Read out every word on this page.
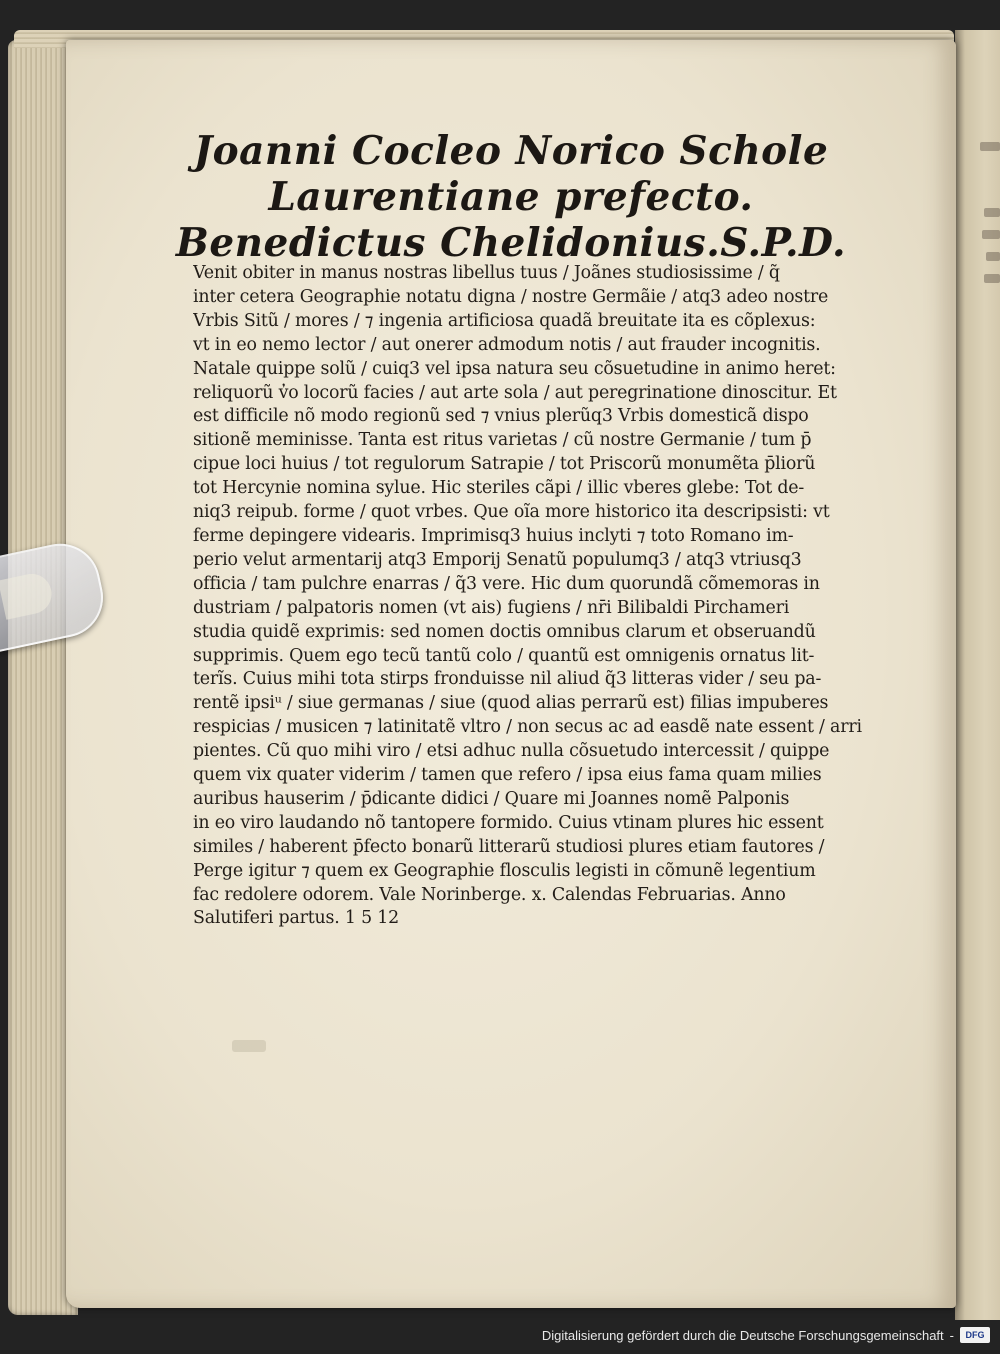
Joanni Cocleo Norico Schole
Laurentiane prefecto.
Benedictus Chelidonius.S.P.D.
Venit obiter in manus nostras libellus tuus / Joãnes studiosissime / q̃
inter cetera Geographie notatu digna / nostre Germãie / atq3 adeo nostre
Vrbis Sitũ / mores / ⁊ ingenia artificiosa quadã breuitate ita es cõplexus:
vt in eo nemo lector / aut onerer admodum notis / aut frauder incognitis.
Natale quippe solũ / cuiq3 vel ipsa natura seu cõsuetudine in animo heret:
reliquorũ v̓o locorũ facies / aut arte sola / aut peregrinatione dinoscitur. Et
est difficile nõ modo regionũ sed ⁊ vnius plerũq3 Vrbis domesticã dispo
sitionẽ meminisse. Tanta est ritus varietas / cũ nostre Germanie / tum p̄
cipue loci huius / tot regulorum Satrapie / tot Priscorũ monumẽta p̄liorũ
tot Hercynie nomina sylue. Hic steriles cãpi / illic vberes glebe: Tot de-
niq3 reipub. forme / quot vrbes. Que oĩa more historico ita descripsisti: vt
ferme depingere videaris. Imprimisq3 huius inclyti ⁊ toto Romano im-
perio velut armentarij atq3 Emporij Senatũ populumq3 / atq3 vtriusq3
officia / tam pulchre enarras / q̃3 vere. Hic dum quorundã cõmemoras in
dustriam / palpatoris nomen (vt ais) fugiens / nr̄i Bilibaldi Pirchameri
studia quidẽ exprimis: sed nomen doctis omnibus clarum et obseruandũ
supprimis. Quem ego tecũ tantũ colo / quantũ est omnigenis ornatus lit-
terĩs. Cuius mihi tota stirps fronduisse nil aliud q̃3 litteras vider / seu pa-
rentẽ ipsiᵘ / siue germanas / siue (quod alias perrarũ est) filias impuberes
respicias / musicen ⁊ latinitatẽ vltro / non secus ac ad easdẽ nate essent / arri
pientes. Cũ quo mihi viro / etsi adhuc nulla cõsuetudo intercessit / quippe
quem vix quater viderim / tamen que refero / ipsa eius fama quam milies
auribus hauserim / p̄dicante didici / Quare mi Joannes nomẽ Palponis
in eo viro laudando nõ tantopere formido. Cuius vtinam plures hic essent
similes / haberent p̄fecto bonarũ litterarũ studiosi plures etiam fautores /
Perge igitur ⁊ quem ex Geographie flosculis legisti in cõmunẽ legentium
fac redolere odorem. Vale Norinberge. x. Calendas Februarias. Anno
Salutiferi partus. 1 5 12
Digitalisierung gefördert durch die Deutsche Forschungsgemeinschaft -	DFG
